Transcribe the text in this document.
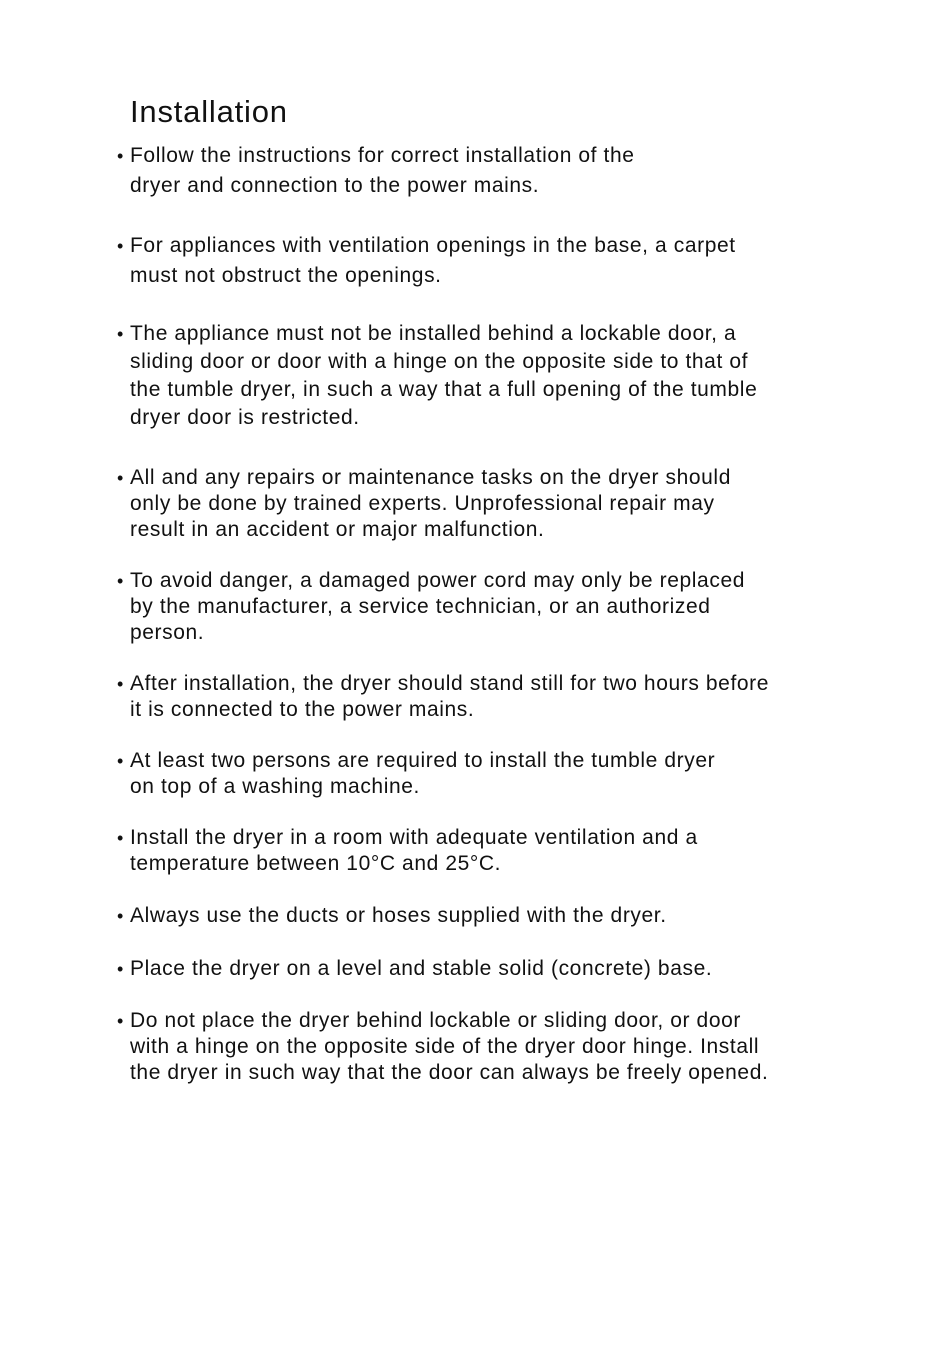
Installation
• Follow the instructions for correct installation of the
dryer and connection to the power mains.
• For appliances with ventilation openings in the base, a carpet
must not obstruct the openings.
• The appliance must not be installed behind a lockable door, a
sliding door or door with a hinge on the opposite side to that of
the tumble dryer, in such a way that a full opening of the tumble
dryer door is restricted.
• All and any repairs or maintenance tasks on the dryer should
only be done by trained experts. Unprofessional repair may
result in an accident or major malfunction.
• To avoid danger, a damaged power cord may only be replaced
by the manufacturer, a service technician, or an authorized
person.
• After installation, the dryer should stand still for two hours before
it is connected to the power mains.
• At least two persons are required to install the tumble dryer
on top of a washing machine.
• Install the dryer in a room with adequate ventilation and a
temperature between 10°C and 25°C.
• Always use the ducts or hoses supplied with the dryer.
• Place the dryer on a level and stable solid (concrete) base.
• Do not place the dryer behind lockable or sliding door, or door
with a hinge on the opposite side of the dryer door hinge. Install
the dryer in such way that the door can always be freely opened.
